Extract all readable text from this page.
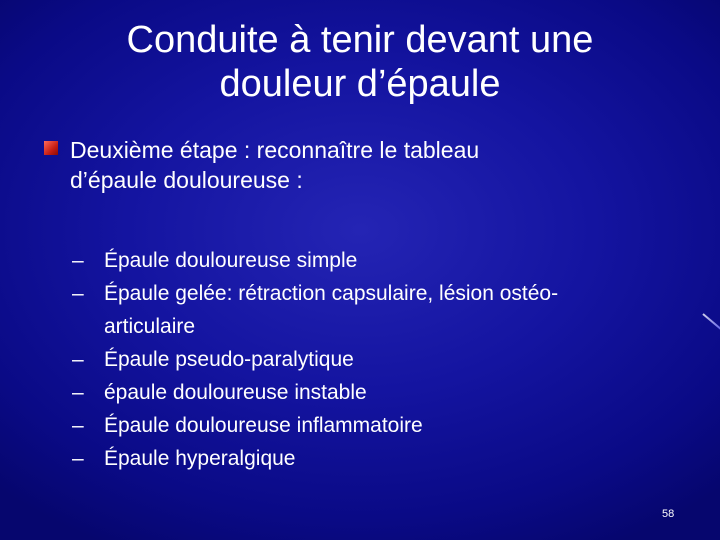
Conduite à tenir devant une
douleur d’épaule
Deuxième étape : reconnaître le tableau
d’épaule douloureuse :
– Épaule douloureuse simple
– Épaule gelée: rétraction capsulaire, lésion ostéo-
articulaire
– Épaule pseudo-paralytique
– épaule douloureuse instable
– Épaule douloureuse inflammatoire
– Épaule hyperalgique
58
